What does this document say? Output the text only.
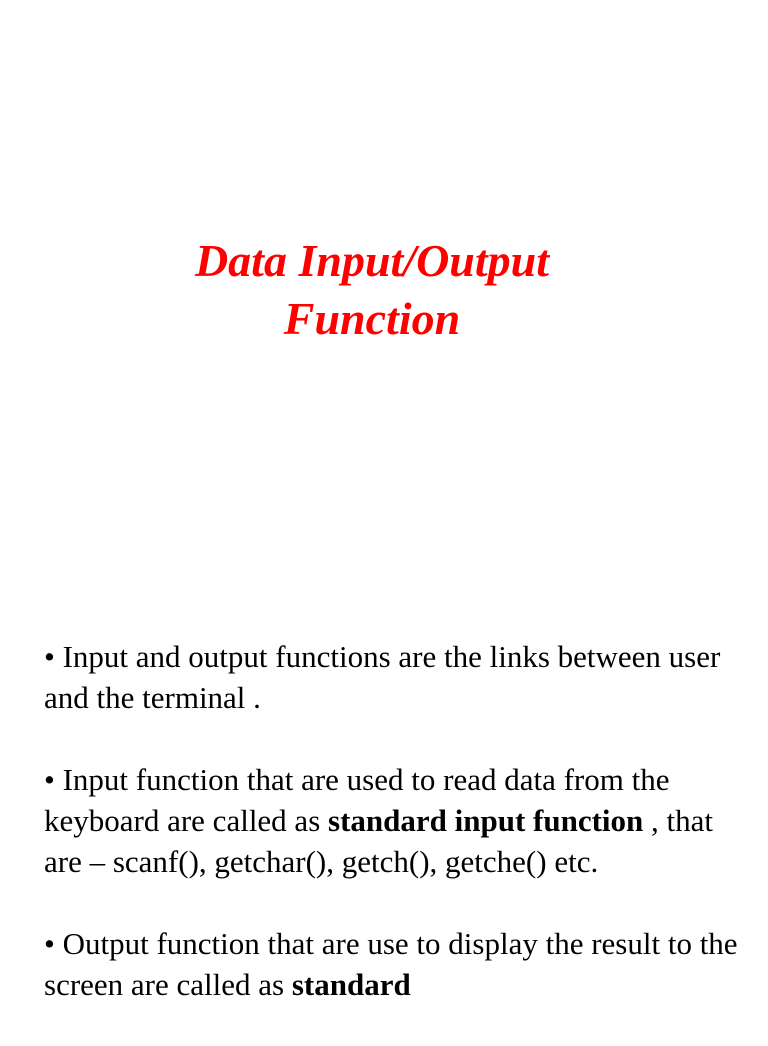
Data Input/Output
Function

• Input and output functions are the links between user and the terminal .

• Input function that are used to read data from the keyboard are called as standard input function , that are – scanf(), getchar(), getch(), getche() etc.

• Output function that are use to display the result to the screen are called as standard
